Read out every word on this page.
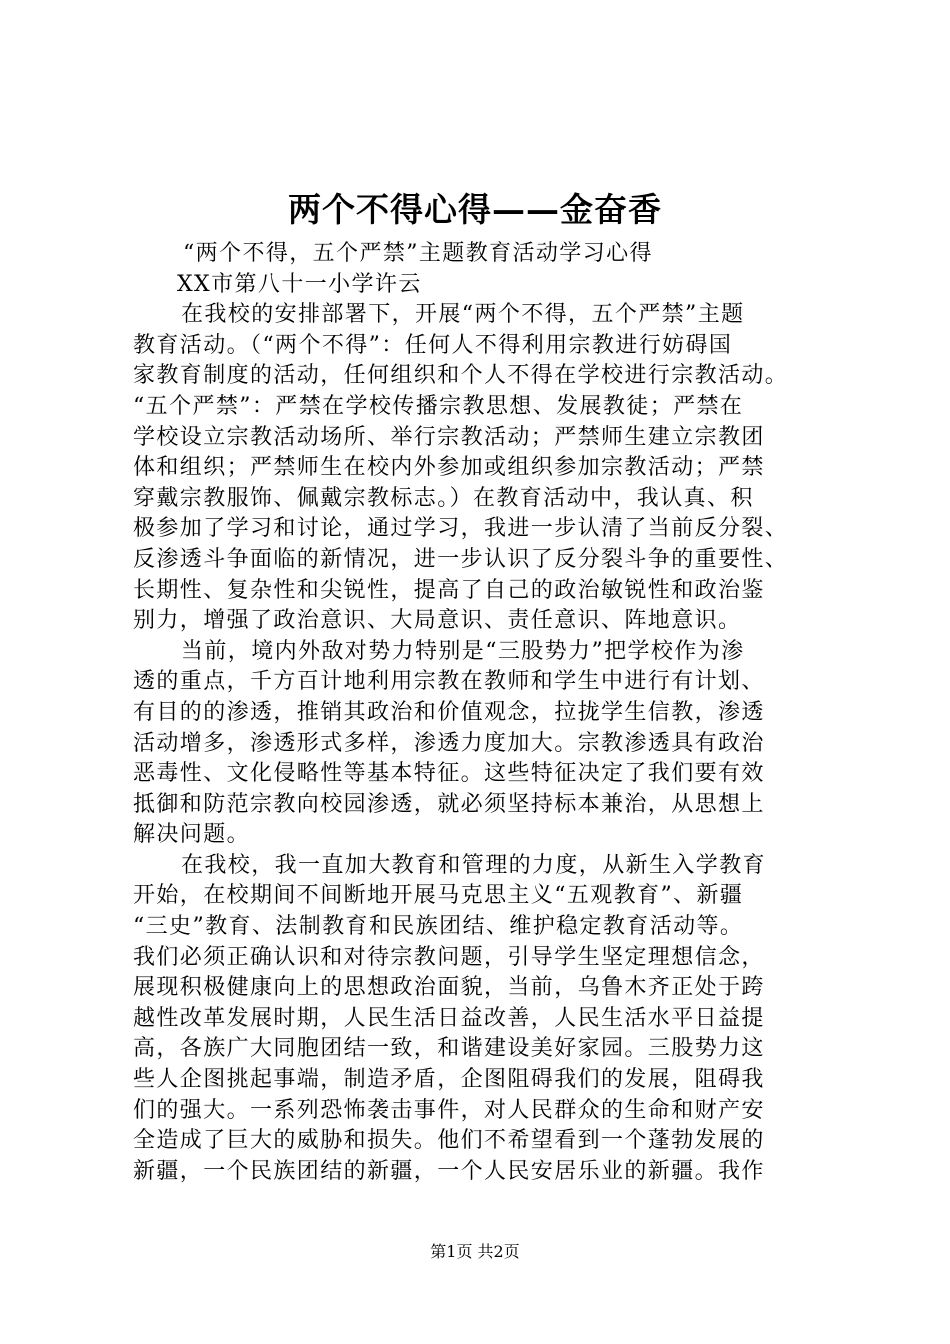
两个不得心得——金奋香
“两个不得，五个严禁”主题教育活动学习心得
XX市第八十一小学许云
在我校的安排部署下，开展“两个不得，五个严禁”主题
教育活动。（“两个不得”：任何人不得利用宗教进行妨碍国
家教育制度的活动，任何组织和个人不得在学校进行宗教活动。
“五个严禁”：严禁在学校传播宗教思想、发展教徒；严禁在
学校设立宗教活动场所、举行宗教活动；严禁师生建立宗教团
体和组织；严禁师生在校内外参加或组织参加宗教活动；严禁
穿戴宗教服饰、佩戴宗教标志。）在教育活动中，我认真、积
极参加了学习和讨论，通过学习，我进一步认清了当前反分裂、
反渗透斗争面临的新情况，进一步认识了反分裂斗争的重要性、
长期性、复杂性和尖锐性，提高了自己的政治敏锐性和政治鉴
别力，增强了政治意识、大局意识、责任意识、阵地意识。
当前，境内外敌对势力特别是“三股势力”把学校作为渗
透的重点，千方百计地利用宗教在教师和学生中进行有计划、
有目的的渗透，推销其政治和价值观念，拉拢学生信教，渗透
活动增多，渗透形式多样，渗透力度加大。宗教渗透具有政治
恶毒性、文化侵略性等基本特征。这些特征决定了我们要有效
抵御和防范宗教向校园渗透，就必须坚持标本兼治，从思想上
解决问题。
在我校，我一直加大教育和管理的力度，从新生入学教育
开始，在校期间不间断地开展马克思主义“五观教育”、新疆
“三史”教育、法制教育和民族团结、维护稳定教育活动等。
我们必须正确认识和对待宗教问题，引导学生坚定理想信念，
展现积极健康向上的思想政治面貌，当前，乌鲁木齐正处于跨
越性改革发展时期，人民生活日益改善，人民生活水平日益提
高，各族广大同胞团结一致，和谐建设美好家园。三股势力这
些人企图挑起事端，制造矛盾，企图阻碍我们的发展，阻碍我
们的强大。一系列恐怖袭击事件，对人民群众的生命和财产安
全造成了巨大的威胁和损失。他们不希望看到一个蓬勃发展的
新疆，一个民族团结的新疆，一个人民安居乐业的新疆。我作
第1页 共2页
